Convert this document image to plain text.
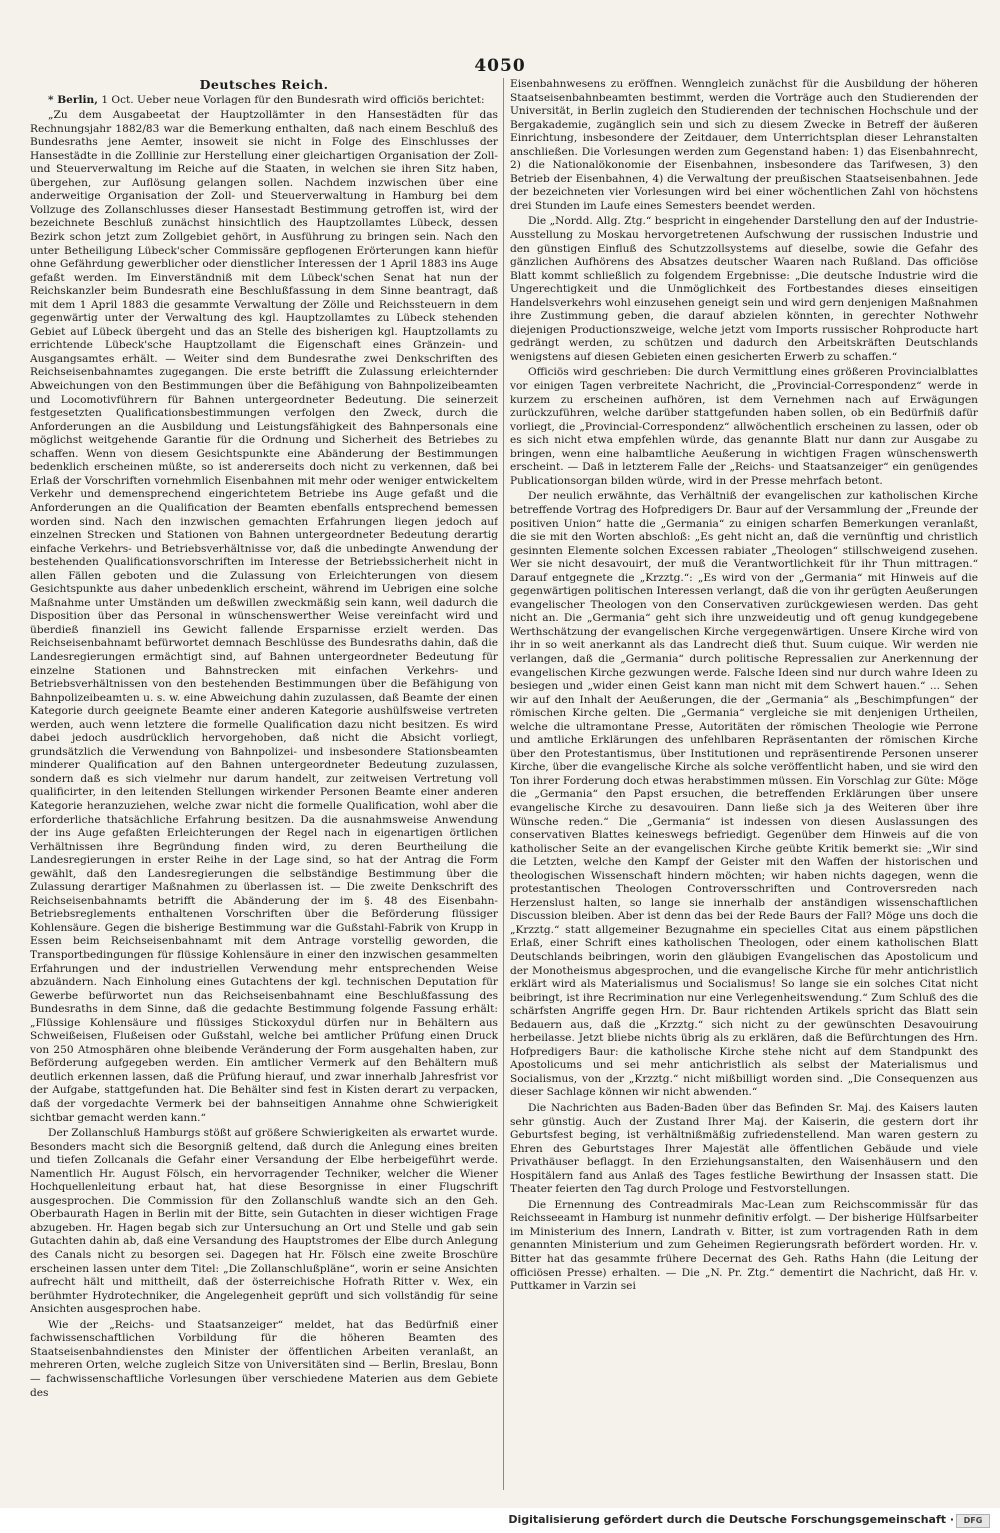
4050
Deutsches Reich.

* Berlin, 1 Oct. Ueber neue Vorlagen für den Bundesrath wird officiös berichtet:

„Zu dem Ausgabeetat der Hauptzollämter in den Hansestädten für das Rechnungsjahr 1882/83 war die Bemerkung enthalten, daß nach einem Beschluß des Bundesraths jene Aemter, insoweit sie nicht in Folge des Einschlusses der Hansestädte in die Zolllinie zur Herstellung einer gleichartigen Organisation der Zoll- und Steuerverwaltung im Reiche auf die Staaten, in welchen sie ihren Sitz haben, übergehen, zur Auflösung gelangen sollen. Nachdem inzwischen über eine anderweitige Organisation der Zoll- und Steuerverwaltung in Hamburg bei dem Vollzuge des Zollanschlusses dieser Hansestadt Bestimmung getroffen ist, wird der bezeichnete Beschluß zunächst hinsichtlich des Hauptzollamtes Lübeck, dessen Bezirk schon jetzt zum Zollgebiet gehört, in Ausführung zu bringen sein. Nach den unter Betheiligung Lübeck'scher Commissäre gepflogenen Erörterungen kann hiefür ohne Gefährdung gewerblicher oder dienstlicher Interessen der 1 April 1883 ins Auge gefaßt werden. Im Einverständniß mit dem Lübeck'schen Senat hat nun der Reichskanzler beim Bundesrath eine Beschlußfassung in dem Sinne beantragt, daß mit dem 1 April 1883 die gesammte Verwaltung der Zölle und Reichssteuern in dem gegenwärtig unter der Verwaltung des kgl. Hauptzollamtes zu Lübeck stehenden Gebiet auf Lübeck übergeht und das an Stelle des bisherigen kgl. Hauptzollamts zu errichtende Lübeck'sche Hauptzollamt die Eigenschaft eines Gränzein- und Ausgangsamtes erhält. — Weiter sind dem Bundesrathe zwei Denkschriften des Reichseisenbahnamtes zugegangen. Die erste betrifft die Zulassung erleichternder Abweichungen von den Bestimmungen über die Befähigung von Bahnpolizeibeamten und Locomotivführern für Bahnen untergeordneter Bedeutung. Die seinerzeit festgesetzten Qualificationsbestimmungen verfolgen den Zweck, durch die Anforderungen an die Ausbildung und Leistungsfähigkeit des Bahnpersonals eine möglichst weitgehende Garantie für die Ordnung und Sicherheit des Betriebes zu schaffen. Wenn von diesem Gesichtspunkte eine Abänderung der Bestimmungen bedenklich erscheinen müßte, so ist andererseits doch nicht zu verkennen, daß bei Erlaß der Vorschriften vornehmlich Eisenbahnen mit mehr oder weniger entwickeltem Verkehr und demensprechend eingerichtetem Betriebe ins Auge gefaßt und die Anforderungen an die Qualification der Beamten ebenfalls entsprechend bemessen worden sind. Nach den inzwischen gemachten Erfahrungen liegen jedoch auf einzelnen Strecken und Stationen von Bahnen untergeordneter Bedeutung derartig einfache Verkehrs- und Betriebsverhältnisse vor, daß die unbedingte Anwendung der bestehenden Qualificationsvorschriften im Interesse der Betriebssicherheit nicht in allen Fällen geboten und die Zulassung von Erleichterungen von diesem Gesichtspunkte aus daher unbedenklich erscheint, während im Uebrigen eine solche Maßnahme unter Umständen um deßwillen zweckmäßig sein kann, weil dadurch die Disposition über das Personal in wünschenswerther Weise vereinfacht wird und überdieß finanziell ins Gewicht fallende Ersparnisse erzielt werden. Das Reichseisenbahnamt befürwortet demnach Beschlüsse des Bundesraths dahin, daß die Landesregierungen ermächtigt sind, auf Bahnen untergeordneter Bedeutung für einzelne Stationen und Bahnstrecken mit einfachen Verkehrs- und Betriebsverhältnissen von den bestehenden Bestimmungen über die Befähigung von Bahnpolizeibeamten u. s. w. eine Abweichung dahin zuzulassen, daß Beamte der einen Kategorie durch geeignete Beamte einer anderen Kategorie aushülfsweise vertreten werden, auch wenn letztere die formelle Qualification dazu nicht besitzen. Es wird dabei jedoch ausdrücklich hervorgehoben, daß nicht die Absicht vorliegt, grundsätzlich die Verwendung von Bahnpolizei- und insbesondere Stationsbeamten minderer Qualification auf den Bahnen untergeordneter Bedeutung zuzulassen, sondern daß es sich vielmehr nur darum handelt, zur zeitweisen Vertretung voll qualificirter, in den leitenden Stellungen wirkender Personen Beamte einer anderen Kategorie heranzuziehen, welche zwar nicht die formelle Qualification, wohl aber die erforderliche thatsächliche Erfahrung besitzen. Da die ausnahmsweise Anwendung der ins Auge gefaßten Erleichterungen der Regel nach in eigenartigen örtlichen Verhältnissen ihre Begründung finden wird, zu deren Beurtheilung die Landesregierungen in erster Reihe in der Lage sind, so hat der Antrag die Form gewählt, daß den Landesregierungen die selbständige Bestimmung über die Zulassung derartiger Maßnahmen zu überlassen ist. — Die zweite Denkschrift des Reichseisenbahnamts betrifft die Abänderung der im §. 48 des Eisenbahn-Betriebsreglements enthaltenen Vorschriften über die Beförderung flüssiger Kohlensäure. Gegen die bisherige Bestimmung war die Gußstahl-Fabrik von Krupp in Essen beim Reichseisenbahnamt mit dem Antrage vorstellig geworden, die Transportbedingungen für flüssige Kohlensäure in einer den inzwischen gesammelten Erfahrungen und der industriellen Verwendung mehr entsprechenden Weise abzuändern. Nach Einholung eines Gutachtens der kgl. technischen Deputation für Gewerbe befürwortet nun das Reichseisenbahnamt eine Beschlußfassung des Bundesraths in dem Sinne, daß die gedachte Bestimmung folgende Fassung erhält: „Flüssige Kohlensäure und flüssiges Stickoxydul dürfen nur in Behältern aus Schweißeisen, Flußeisen oder Gußstahl, welche bei amtlicher Prüfung einen Druck von 250 Atmosphären ohne bleibende Veränderung der Form ausgehalten haben, zur Beförderung aufgegeben werden. Ein amtlicher Vermerk auf den Behältern muß deutlich erkennen lassen, daß die Prüfung hierauf, und zwar innerhalb Jahresfrist vor der Aufgabe, stattgefunden hat. Die Behälter sind fest in Kisten derart zu verpacken, daß der vorgedachte Vermerk bei der bahnseitigen Annahme ohne Schwierigkeit sichtbar gemacht werden kann.“

Der Zollanschluß Hamburgs stößt auf größere Schwierigkeiten als erwartet wurde. Besonders macht sich die Besorgniß geltend, daß durch die Anlegung eines breiten und tiefen Zollcanals die Gefahr einer Versandung der Elbe herbeigeführt werde. Namentlich Hr. August Fölsch, ein hervorragender Techniker, welcher die Wiener Hochquellenleitung erbaut hat, hat diese Besorgnisse in einer Flugschrift ausgesprochen. Die Commission für den Zollanschluß wandte sich an den Geh. Oberbaurath Hagen in Berlin mit der Bitte, sein Gutachten in dieser wichtigen Frage abzugeben. Hr. Hagen begab sich zur Untersuchung an Ort und Stelle und gab sein Gutachten dahin ab, daß eine Versandung des Hauptstromes der Elbe durch Anlegung des Canals nicht zu besorgen sei. Dagegen hat Hr. Fölsch eine zweite Broschüre erscheinen lassen unter dem Titel: „Die Zollanschlußpläne“, worin er seine Ansichten aufrecht hält und mittheilt, daß der österreichische Hofrath Ritter v. Wex, ein berühmter Hydrotechniker, die Angelegenheit geprüft und sich vollständig für seine Ansichten ausgesprochen habe.

Wie der „Reichs- und Staatsanzeiger“ meldet, hat das Bedürfniß einer fachwissenschaftlichen Vorbildung für die höheren Beamten des Staatseisenbahndienstes den Minister der öffentlichen Arbeiten veranlaßt, an mehreren Orten, welche zugleich Sitze von Universitäten sind — Berlin, Breslau, Bonn — fachwissenschaftliche Vorlesungen über verschiedene Materien aus dem Gebiete des

Eisenbahnwesens zu eröffnen. Wenngleich zunächst für die Ausbildung der höheren Staatseisenbahnbeamten bestimmt, werden die Vorträge auch den Studierenden der Universität, in Berlin zugleich den Studierenden der technischen Hochschule und der Bergakademie, zugänglich sein und sich zu diesem Zwecke in Betreff der äußeren Einrichtung, insbesondere der Zeitdauer, dem Unterrichtsplan dieser Lehranstalten anschließen. Die Vorlesungen werden zum Gegenstand haben: 1) das Eisenbahnrecht, 2) die Nationalökonomie der Eisenbahnen, insbesondere das Tarifwesen, 3) den Betrieb der Eisenbahnen, 4) die Verwaltung der preußischen Staatseisenbahnen. Jede der bezeichneten vier Vorlesungen wird bei einer wöchentlichen Zahl von höchstens drei Stunden im Laufe eines Semesters beendet werden.

Die „Nordd. Allg. Ztg.“ bespricht in eingehender Darstellung den auf der Industrie-Ausstellung zu Moskau hervorgetretenen Aufschwung der russischen Industrie und den günstigen Einfluß des Schutzzollsystems auf dieselbe, sowie die Gefahr des gänzlichen Aufhörens des Absatzes deutscher Waaren nach Rußland. Das officiöse Blatt kommt schließlich zu folgendem Ergebnisse: „Die deutsche Industrie wird die Ungerechtigkeit und die Unmöglichkeit des Fortbestandes dieses einseitigen Handelsverkehrs wohl einzusehen geneigt sein und wird gern denjenigen Maßnahmen ihre Zustimmung geben, die darauf abzielen könnten, in gerechter Nothwehr diejenigen Productionszweige, welche jetzt vom Imports russischer Rohproducte hart gedrängt werden, zu schützen und dadurch den Arbeitskräften Deutschlands wenigstens auf diesen Gebieten einen gesicherten Erwerb zu schaffen.“

Officiös wird geschrieben: Die durch Vermittlung eines größeren Provincialblattes vor einigen Tagen verbreitete Nachricht, die „Provincial-Correspondenz“ werde in kurzem zu erscheinen aufhören, ist dem Vernehmen nach auf Erwägungen zurückzuführen, welche darüber stattgefunden haben sollen, ob ein Bedürfniß dafür vorliegt, die „Provincial-Correspondenz“ allwöchentlich erscheinen zu lassen, oder ob es sich nicht etwa empfehlen würde, das genannte Blatt nur dann zur Ausgabe zu bringen, wenn eine halbamtliche Aeußerung in wichtigen Fragen wünschenswerth erscheint. — Daß in letzterem Falle der „Reichs- und Staatsanzeiger“ ein genügendes Publicationsorgan bilden würde, wird in der Presse mehrfach betont.

Der neulich erwähnte, das Verhältniß der evangelischen zur katholischen Kirche betreffende Vortrag des Hofpredigers Dr. Baur auf der Versammlung der „Freunde der positiven Union“ hatte die „Germania“ zu einigen scharfen Bemerkungen veranlaßt, die sie mit den Worten abschloß: „Es geht nicht an, daß die vernünftig und christlich gesinnten Elemente solchen Excessen rabiater „Theologen“ stillschweigend zusehen. Wer sie nicht desavouirt, der muß die Verantwortlichkeit für ihr Thun mittragen.“ Darauf entgegnete die „Krzztg.“: „Es wird von der „Germania“ mit Hinweis auf die gegenwärtigen politischen Interessen verlangt, daß die von ihr gerügten Aeußerungen evangelischer Theologen von den Conservativen zurückgewiesen werden. Das geht nicht an. Die „Germania“ geht sich ihre unzweideutig und oft genug kundgegebene Werthschätzung der evangelischen Kirche vergegenwärtigen. Unsere Kirche wird von ihr in so weit anerkannt als das Landrecht dieß thut. Suum cuique. Wir werden nie verlangen, daß die „Germania“ durch politische Repressalien zur Anerkennung der evangelischen Kirche gezwungen werde. Falsche Ideen sind nur durch wahre Ideen zu besiegen und „wider einen Geist kann man nicht mit dem Schwert hauen.“ ... Sehen wir auf den Inhalt der Aeußerungen, die der „Germania“ als „Beschimpfungen“ der römischen Kirche gelten. Die „Germania“ vergleiche sie mit denjenigen Urtheilen, welche die ultramontane Presse, Autoritäten der römischen Theologie wie Perrone und amtliche Erklärungen des unfehlbaren Repräsentanten der römischen Kirche über den Protestantismus, über Institutionen und repräsentirende Personen unserer Kirche, über die evangelische Kirche als solche veröffentlicht haben, und sie wird den Ton ihrer Forderung doch etwas herabstimmen müssen. Ein Vorschlag zur Güte: Möge die „Germania“ den Papst ersuchen, die betreffenden Erklärungen über unsere evangelische Kirche zu desavouiren. Dann ließe sich ja des Weiteren über ihre Wünsche reden.“ Die „Germania“ ist indessen von diesen Auslassungen des conservativen Blattes keineswegs befriedigt. Gegenüber dem Hinweis auf die von katholischer Seite an der evangelischen Kirche geübte Kritik bemerkt sie: „Wir sind die Letzten, welche den Kampf der Geister mit den Waffen der historischen und theologischen Wissenschaft hindern möchten; wir haben nichts dagegen, wenn die protestantischen Theologen Controversschriften und Controversreden nach Herzenslust halten, so lange sie innerhalb der anständigen wissenschaftlichen Discussion bleiben. Aber ist denn das bei der Rede Baurs der Fall? Möge uns doch die „Krzztg.“ statt allgemeiner Bezugnahme ein specielles Citat aus einem päpstlichen Erlaß, einer Schrift eines katholischen Theologen, oder einem katholischen Blatt Deutschlands beibringen, worin den gläubigen Evangelischen das Apostolicum und der Monotheismus abgesprochen, und die evangelische Kirche für mehr antichristlich erklärt wird als Materialismus und Socialismus! So lange sie ein solches Citat nicht beibringt, ist ihre Recrimination nur eine Verlegenheitswendung.“ Zum Schluß des die schärfsten Angriffe gegen Hrn. Dr. Baur richtenden Artikels spricht das Blatt sein Bedauern aus, daß die „Krzztg.“ sich nicht zu der gewünschten Desavouirung herbeilasse. Jetzt bliebe nichts übrig als zu erklären, daß die Befürchtungen des Hrn. Hofpredigers Baur: die katholische Kirche stehe nicht auf dem Standpunkt des Apostolicums und sei mehr antichristlich als selbst der Materialismus und Socialismus, von der „Krzztg.“ nicht mißbilligt worden sind. „Die Consequenzen aus dieser Sachlage können wir nicht abwenden.“

Die Nachrichten aus Baden-Baden über das Befinden Sr. Maj. des Kaisers lauten sehr günstig. Auch der Zustand Ihrer Maj. der Kaiserin, die gestern dort ihr Geburtsfest beging, ist verhältnißmäßig zufriedenstellend. Man waren gestern zu Ehren des Geburtstages Ihrer Majestät alle öffentlichen Gebäude und viele Privathäuser beflaggt. In den Erziehungsanstalten, den Waisenhäusern und den Hospitälern fand aus Anlaß des Tages festliche Bewirthung der Insassen statt. Die Theater feierten den Tag durch Prologe und Festvorstellungen.

Die Ernennung des Contreadmirals Mac-Lean zum Reichscommissär für das Reichsseeamt in Hamburg ist nunmehr definitiv erfolgt. — Der bisherige Hülfsarbeiter im Ministerium des Innern, Landrath v. Bitter, ist zum vortragenden Rath in dem genannten Ministerium und zum Geheimen Regierungsrath befördert worden. Hr. v. Bitter hat das gesammte frühere Decernat des Geh. Raths Hahn (die Leitung der officiösen Presse) erhalten. — Die „N. Pr. Ztg.“ dementirt die Nachricht, daß Hr. v. Puttkamer in Varzin sei

Digitalisierung gefördert durch die Deutsche Forschungsgemeinschaft ·	DFG
